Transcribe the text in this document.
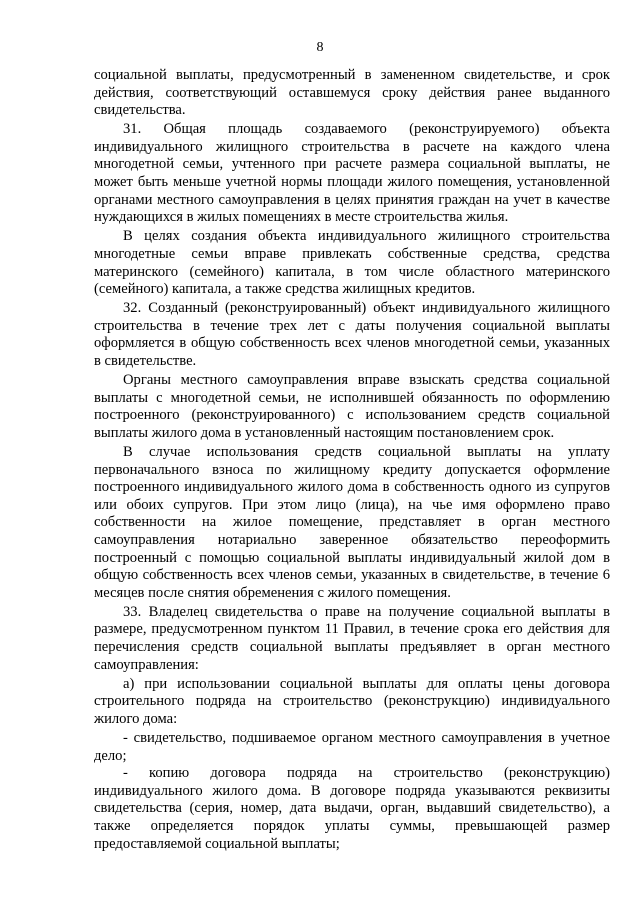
8

социальной выплаты, предусмотренный в замененном свидетельстве, и срок действия, соответствующий оставшемуся сроку действия ранее выданного свидетельства.

31. Общая площадь создаваемого (реконструируемого) объекта индивидуального жилищного строительства в расчете на каждого члена многодетной семьи, учтенного при расчете размера социальной выплаты, не может быть меньше учетной нормы площади жилого помещения, установленной органами местного самоуправления в целях принятия граждан на учет в качестве нуждающихся в жилых помещениях в месте строительства жилья.

В целях создания объекта индивидуального жилищного строительства многодетные семьи вправе привлекать собственные средства, средства материнского (семейного) капитала, в том числе областного материнского (семейного) капитала, а также средства жилищных кредитов.

32. Созданный (реконструированный) объект индивидуального жилищного строительства в течение трех лет с даты получения социальной выплаты оформляется в общую собственность всех членов многодетной семьи, указанных в свидетельстве.

Органы местного самоуправления вправе взыскать средства социальной выплаты с многодетной семьи, не исполнившей обязанность по оформлению построенного (реконструированного) с использованием средств социальной выплаты жилого дома в установленный настоящим постановлением срок.

В случае использования средств социальной выплаты на уплату первоначального взноса по жилищному кредиту допускается оформление построенного индивидуального жилого дома в собственность одного из супругов или обоих супругов. При этом лицо (лица), на чье имя оформлено право собственности на жилое помещение, представляет в орган местного самоуправления нотариально заверенное обязательство переоформить построенный с помощью социальной выплаты индивидуальный жилой дом в общую собственность всех членов семьи, указанных в свидетельстве, в течение 6 месяцев после снятия обременения с жилого помещения.

33. Владелец свидетельства о праве на получение социальной выплаты в размере, предусмотренном пунктом 11 Правил, в течение срока его действия для перечисления средств социальной выплаты предъявляет в орган местного самоуправления:

а) при использовании социальной выплаты для оплаты цены договора строительного подряда на строительство (реконструкцию) индивидуального жилого дома:

- свидетельство, подшиваемое органом местного самоуправления в учетное дело;

- копию договора подряда на строительство (реконструкцию) индивидуального жилого дома. В договоре подряда указываются реквизиты свидетельства (серия, номер, дата выдачи, орган, выдавший свидетельство), а также определяется порядок уплаты суммы, превышающей размер предоставляемой социальной выплаты;
